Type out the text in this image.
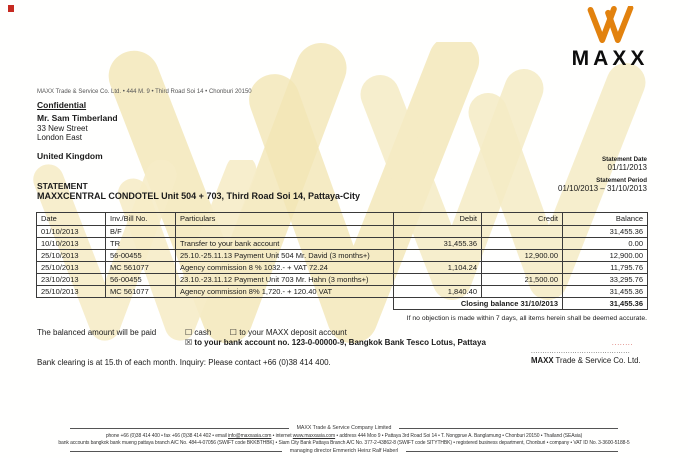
........
MAXX
MAXX Trade & Service Co. Ltd. • 444 M. 9 • Third Road Soi 14 • Chonburi 20150
Confidential
Mr. Sam Timberland
33 New Street
London East
United Kingdom	Statement Date
01/11/2013
Statement Period
01/10/2013 – 31/10/2013
STATEMENT
MAXXCENTRAL CONDOTEL Unit 504 + 703, Third Road Soi 14, Pattaya-City
Date	Inv./Bill No.	Particulars	Debit	Credit	Balance
01/10/2013	B/F				31,455.36
10/10/2013	TR	Transfer to your bank account	31,455.36		0.00
25/10/2013	56-00455	25.10.-25.11.13 Payment Unit 504 Mr. David (3 months+)		12,900.00	12,900.00
25/10/2013	MC 561077	Agency commission 8 % 1032.- + VAT 72.24	1,104.24		11,795.76
23/10/2013	56-00455	23.10.-23.11.12 Payment Unit 703 Mr. Hahn (3 months+)		21,500.00	33,295.76
25/10/2013	MC 561077	Agency commission 8% 1,720.- + 120.40 VAT	1,840.40		31,455.36
			Closing balance 31/10/2013		31,455.36
If no objection is made within 7 days, all items herein shall be deemed accurate.
The balanced amount will be paid	☐ cash ☐ to your MAXX deposit account
☒ to your bank account no. 123-0-00000-9, Bangkok Bank Tesco Lotus, Pattaya
Bank clearing is at 15.th of each month. Inquiry: Please contact +66 (0)38 414 400.
...........................................
MAXX Trade & Service Co. Ltd.
MAXX Trade & Service Company Limited
phone +66 (0)38 414 400 • fax +66 (0)38 414 402 • email info@maxxasia.com • internet www.maxxasia.com • address 444 Moo 9 • Pattaya 3rd Road Soi 14 • T. Nongprue A. Banglamung • Chonburi 20150 • Thailand (SEAsia)
bank accounts bangkok bank mueng pattaya branch A/C No. 484-4-07056 (SWIFT code BKKBTHBK) • Siam City Bank Pattaya Branch A/C No. 377-2-43862-8 (SWIFT code SITYTHBK) • registered business department, Chonburi • company • VAT ID No. 3-3600-5188-5
managing director Emmerich Heinz Ralf Haberl
